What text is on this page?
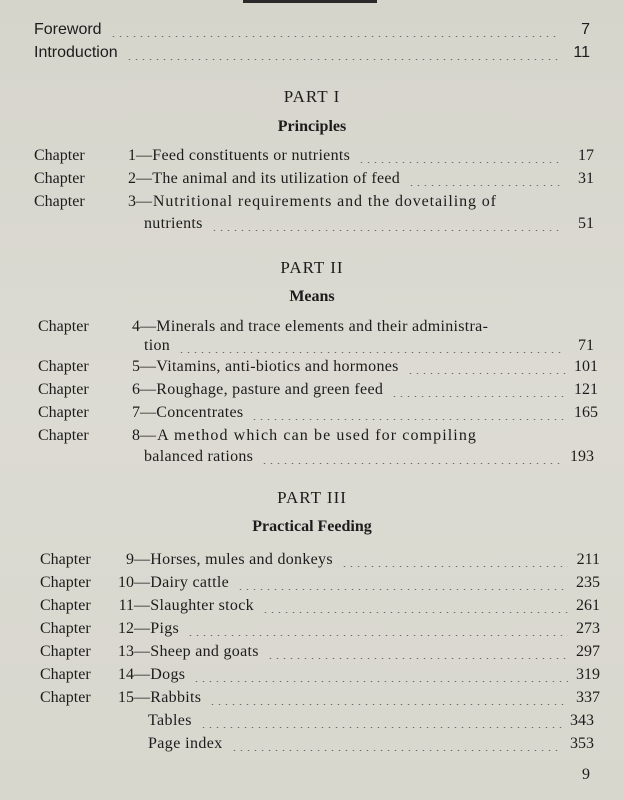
Foreword	7
Introduction	11
PART I
Principles
Chapter	1 —Feed constituents or nutrients	17
Chapter	2 —The animal and its utilization of feed	31
Chapter	3 —Nutritional requirements and the dovetailing of
nutrients	51
PART II
Means
Chapter	4 —Minerals and trace elements and their administra-
tion	71
Chapter	5 —Vitamins, anti-biotics and hormones	101
Chapter	6 —Roughage, pasture and green feed	121
Chapter	7 —Concentrates	165
Chapter	8 —A method which can be used for compiling
balanced rations	193
PART III
Practical Feeding
Chapter	9 —Horses, mules and donkeys	211
Chapter	10 —Dairy cattle	235
Chapter	11 —Slaughter stock	261
Chapter	12 —Pigs	273
Chapter	13 —Sheep and goats	297
Chapter	14 —Dogs	319
Chapter	15 —Rabbits	337
Tables	343
Page index	353
9
